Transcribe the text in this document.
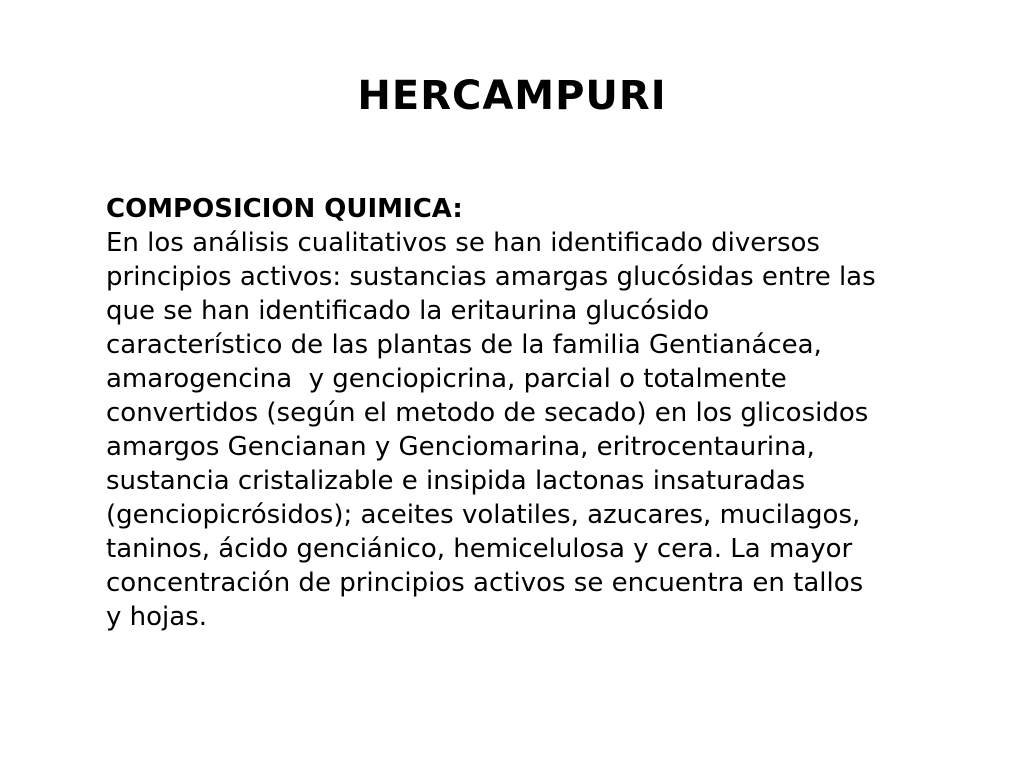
HERCAMPURI
COMPOSICION QUIMICA:
En los análisis cualitativos se han identificado diversos
principios activos: sustancias amargas glucósidas entre las
que se han identificado la eritaurina glucósido
característico de las plantas de la familia Gentianácea,
amarogencina  y genciopicrina, parcial o totalmente
convertidos (según el metodo de secado) en los glicosidos
amargos Gencianan y Genciomarina, eritrocentaurina,
sustancia cristalizable e insipida lactonas insaturadas
(genciopicrósidos); aceites volatiles, azucares, mucilagos,
taninos, ácido genciánico, hemicelulosa y cera. La mayor
concentración de principios activos se encuentra en tallos
y hojas.
